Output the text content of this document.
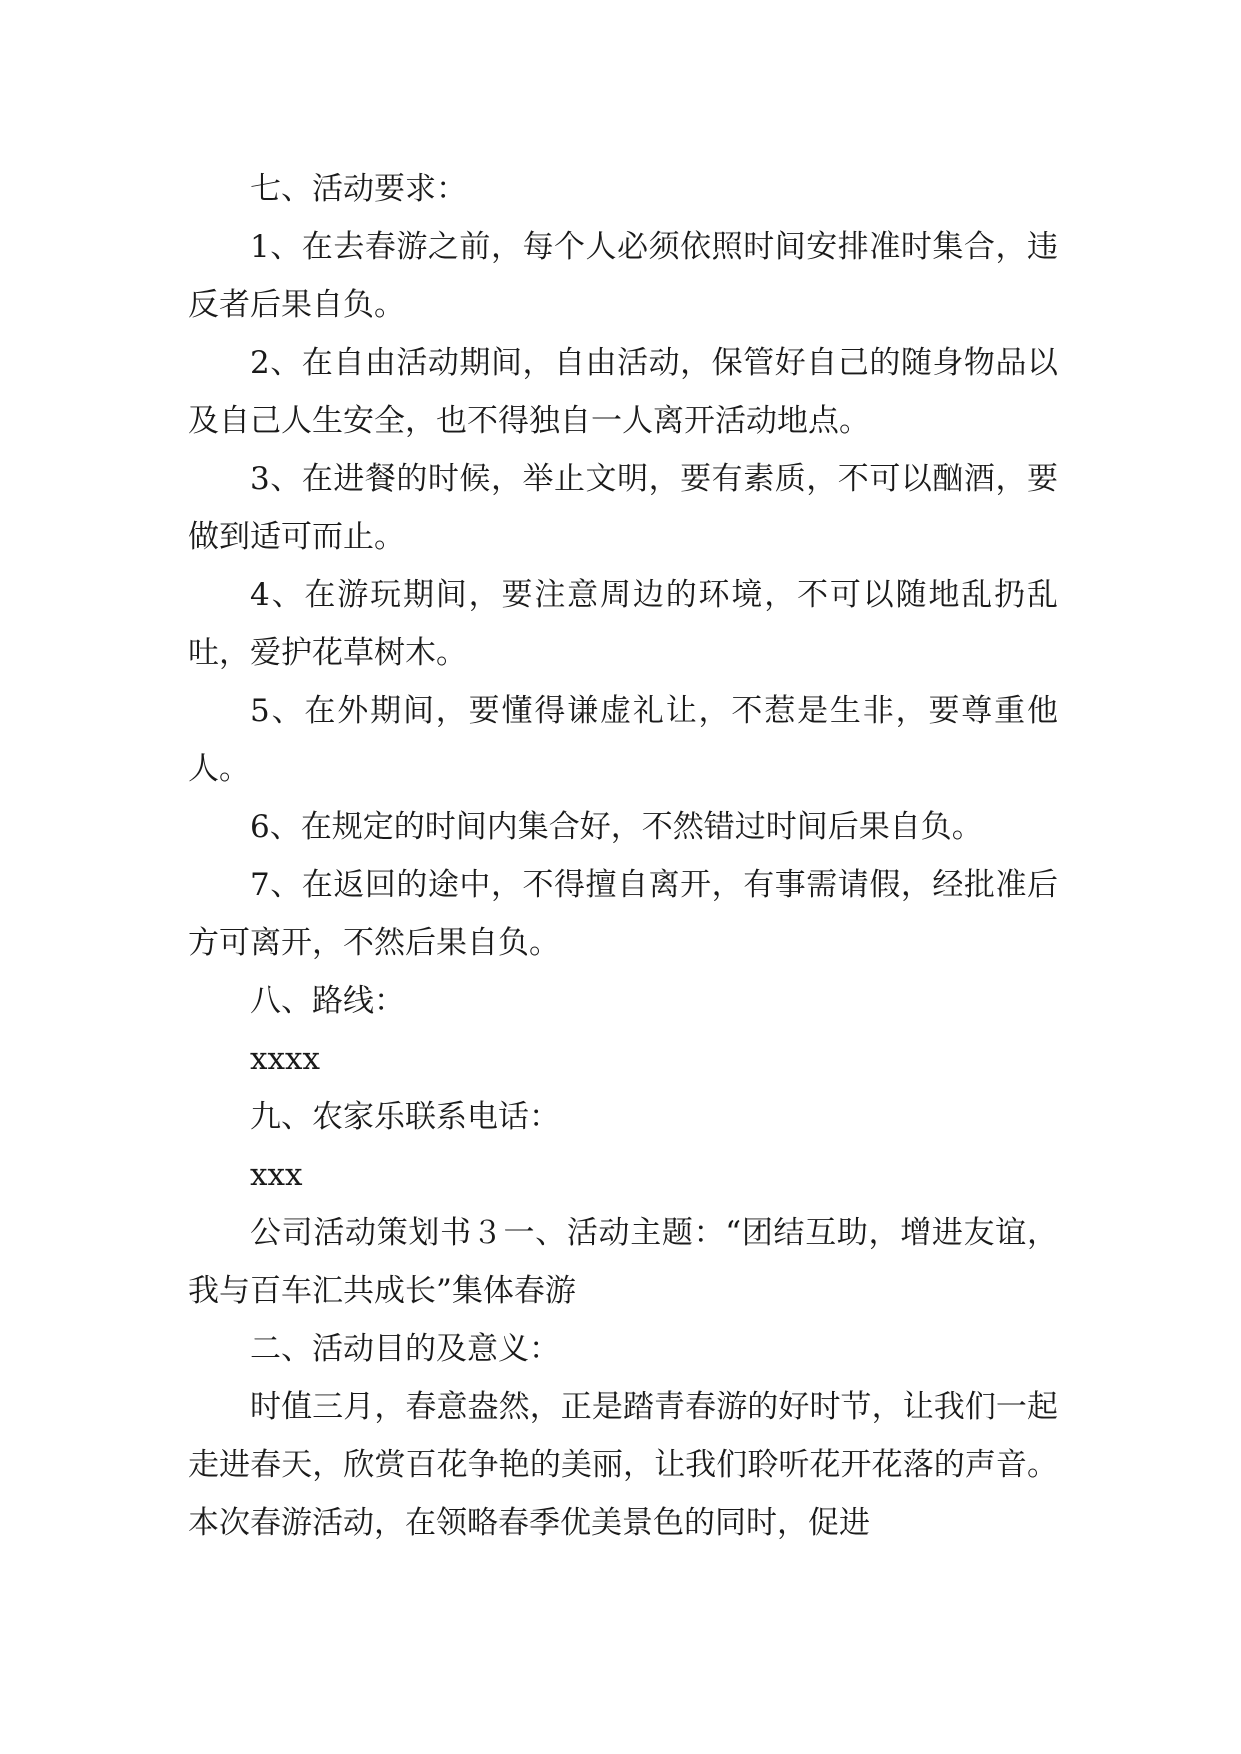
七、活动要求：

1、在去春游之前，每个人必须依照时间安排准时集合，违反者后果自负。

2、在自由活动期间，自由活动，保管好自己的随身物品以及自己人生安全，也不得独自一人离开活动地点。

3、在进餐的时候，举止文明，要有素质，不可以酗酒，要做到适可而止。

4、在游玩期间，要注意周边的环境，不可以随地乱扔乱吐，爱护花草树木。

5、在外期间，要懂得谦虚礼让，不惹是生非，要尊重他人。

6、在规定的时间内集合好，不然错过时间后果自负。

7、在返回的途中，不得擅自离开，有事需请假，经批准后方可离开，不然后果自负。

八、路线：

xxxx

九、农家乐联系电话：

xxx

公司活动策划书３一、活动主题：“团结互助，增进友谊，我与百车汇共成长”集体春游

二、活动目的及意义：

时值三月，春意盎然，正是踏青春游的好时节，让我们一起走进春天，欣赏百花争艳的美丽，让我们聆听花开花落的声音。本次春游活动，在领略春季优美景色的同时，促进
